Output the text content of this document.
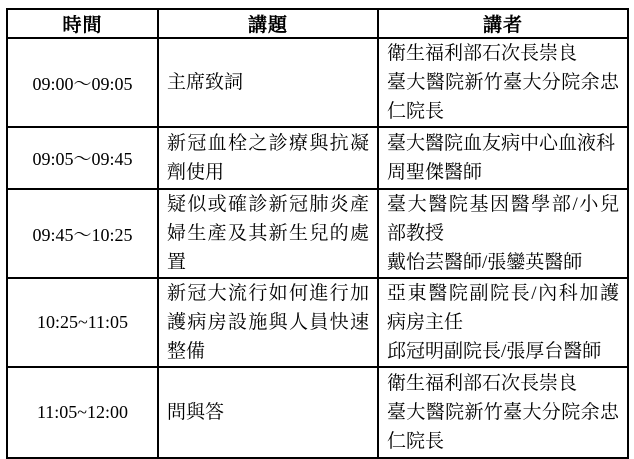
時間	講題	講者
09:00～09:05	主席致詞	衛生福利部石次長崇良
臺大醫院新竹臺大分院余忠仁院長

09:05～09:45	新冠血栓之診療與抗凝劑使用	臺大醫院血友病中心血液科
周聖傑醫師

09:45～10:25	疑似或確診新冠肺炎產婦生產及其新生兒的處置	臺大醫院基因醫學部/小兒部教授
戴怡芸醫師/張鑾英醫師

10:25~11:05	新冠大流行如何進行加護病房設施與人員快速整備	亞東醫院副院長/內科加護病房主任
邱冠明副院長/張厚台醫師

11:05~12:00	問與答	衛生福利部石次長崇良
臺大醫院新竹臺大分院余忠仁院長
